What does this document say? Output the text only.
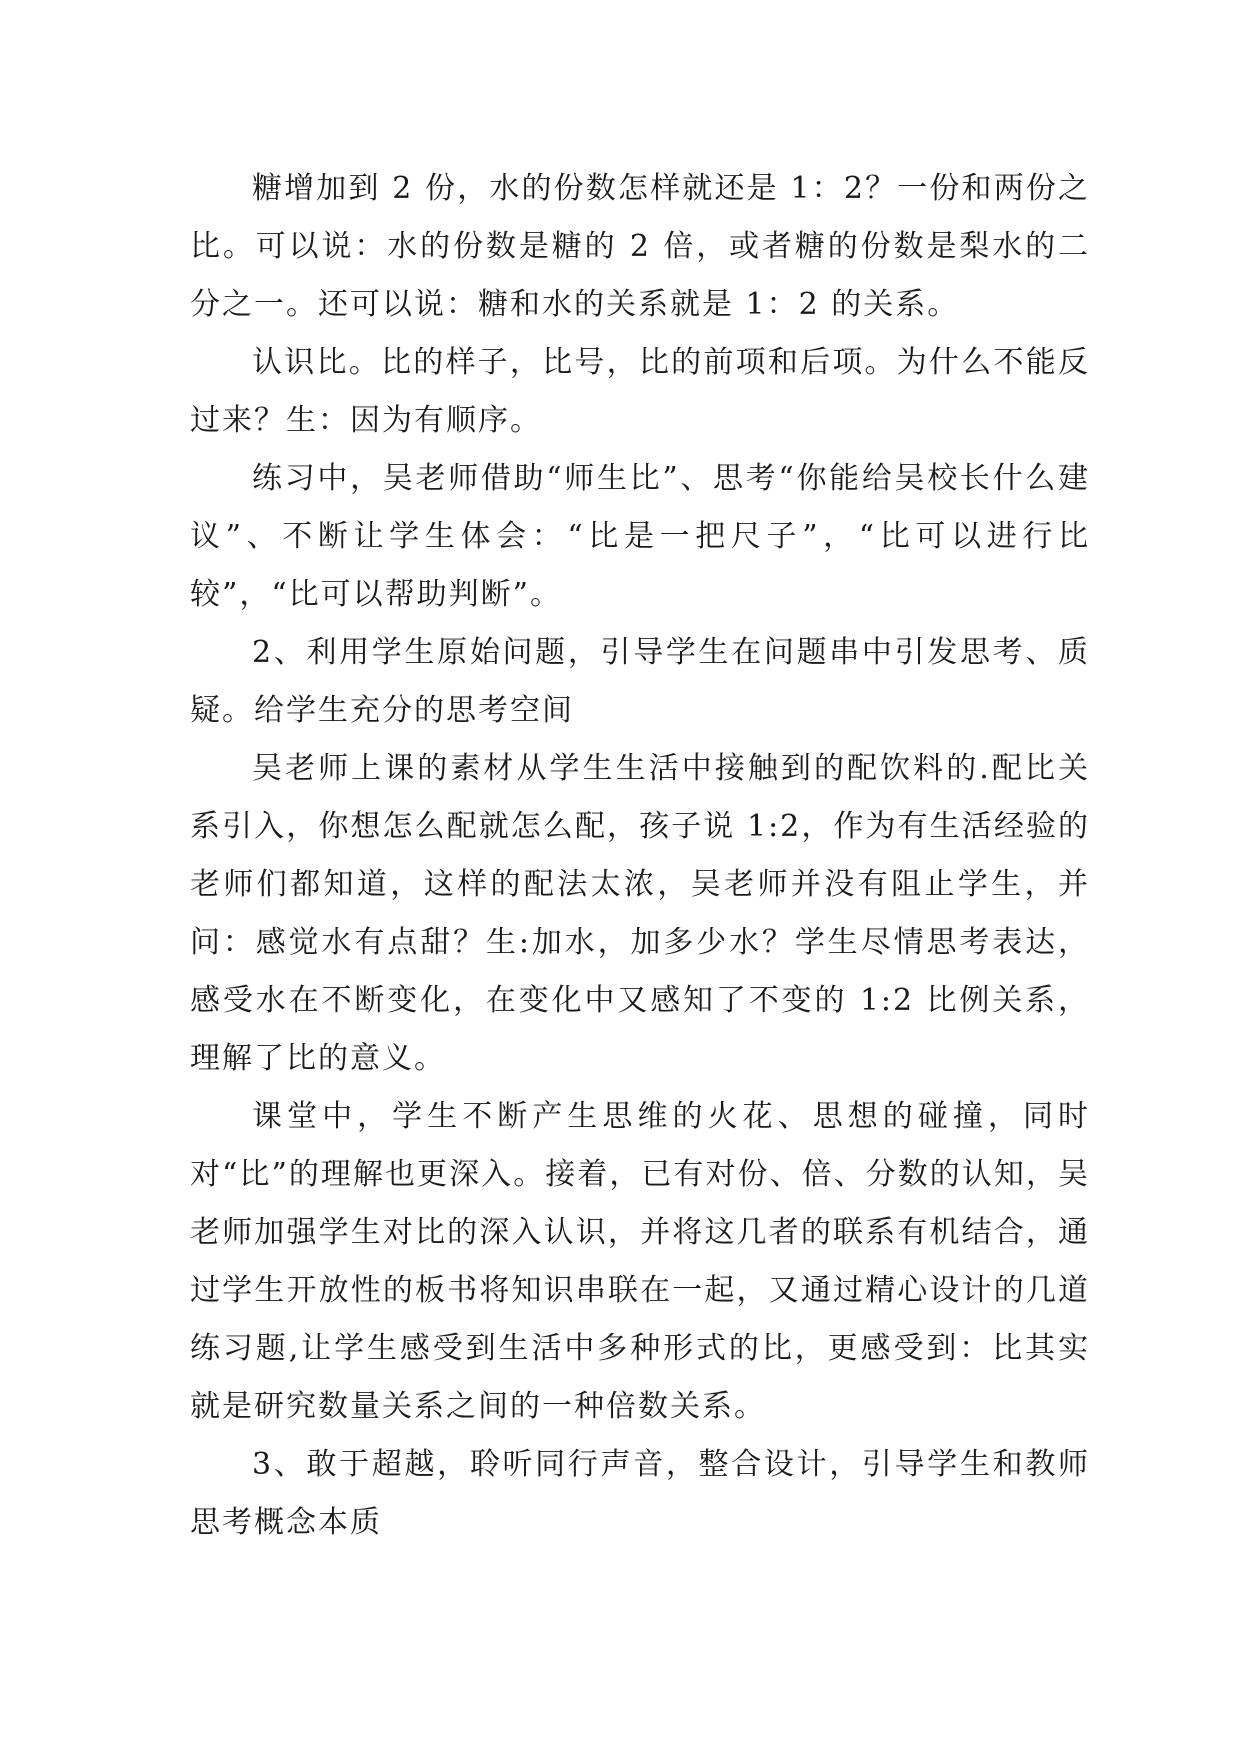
糖增加到 2 份，水的份数怎样就还是 1：2？一份和两份之比。可以说：水的份数是糖的 2 倍，或者糖的份数是梨水的二分之一。还可以说：糖和水的关系就是 1：2 的关系。

认识比。比的样子，比号，比的前项和后项。为什么不能反过来？生：因为有顺序。

练习中，吴老师借助“师生比”、思考“你能给吴校长什么建议”、不断让学生体会：“比是一把尺子”，“比可以进行比较”，“比可以帮助判断”。

2、利用学生原始问题，引导学生在问题串中引发思考、质疑。给学生充分的思考空间

吴老师上课的素材从学生生活中接触到的配饮料的.配比关系引入，你想怎么配就怎么配，孩子说 1:2，作为有生活经验的老师们都知道，这样的配法太浓，吴老师并没有阻止学生，并问：感觉水有点甜？生:加水，加多少水？学生尽情思考表达，感受水在不断变化，在变化中又感知了不变的 1:2 比例关系，理解了比的意义。

课堂中，学生不断产生思维的火花、思想的碰撞，同时对“比”的理解也更深入。接着，已有对份、倍、分数的认知，吴老师加强学生对比的深入认识，并将这几者的联系有机结合，通过学生开放性的板书将知识串联在一起，又通过精心设计的几道练习题,让学生感受到生活中多种形式的比，更感受到：比其实就是研究数量关系之间的一种倍数关系。

3、敢于超越，聆听同行声音，整合设计，引导学生和教师思考概念本质
